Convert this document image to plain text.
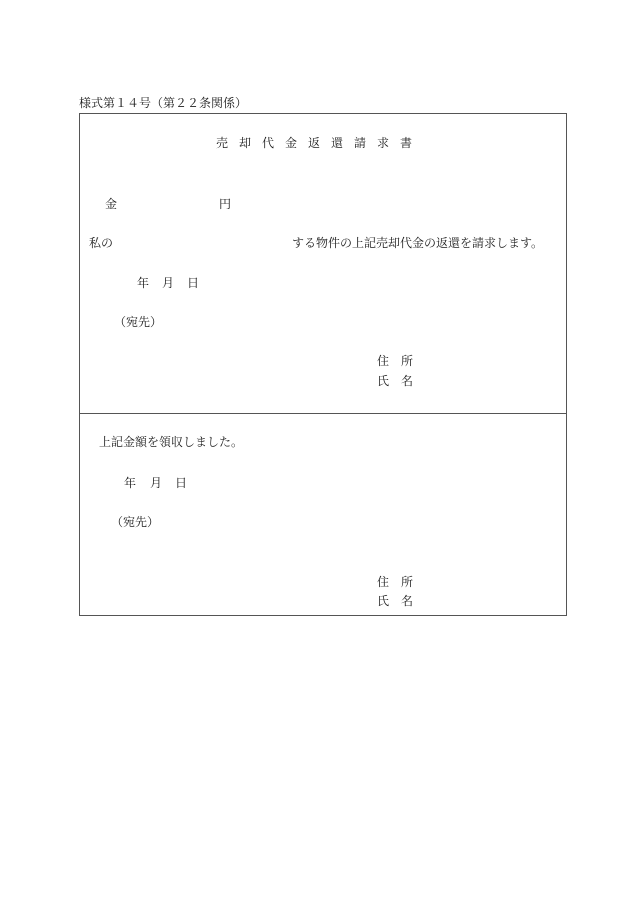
様式第１４号（第２２条関係）
売却代金返還請求書
金	円
私の	する物件の上記売却代金の返還を請求します。
年 月 日
（宛先）
住所
氏名
上記金額を領収しました。
年 月 日
（宛先）
住所
氏名
